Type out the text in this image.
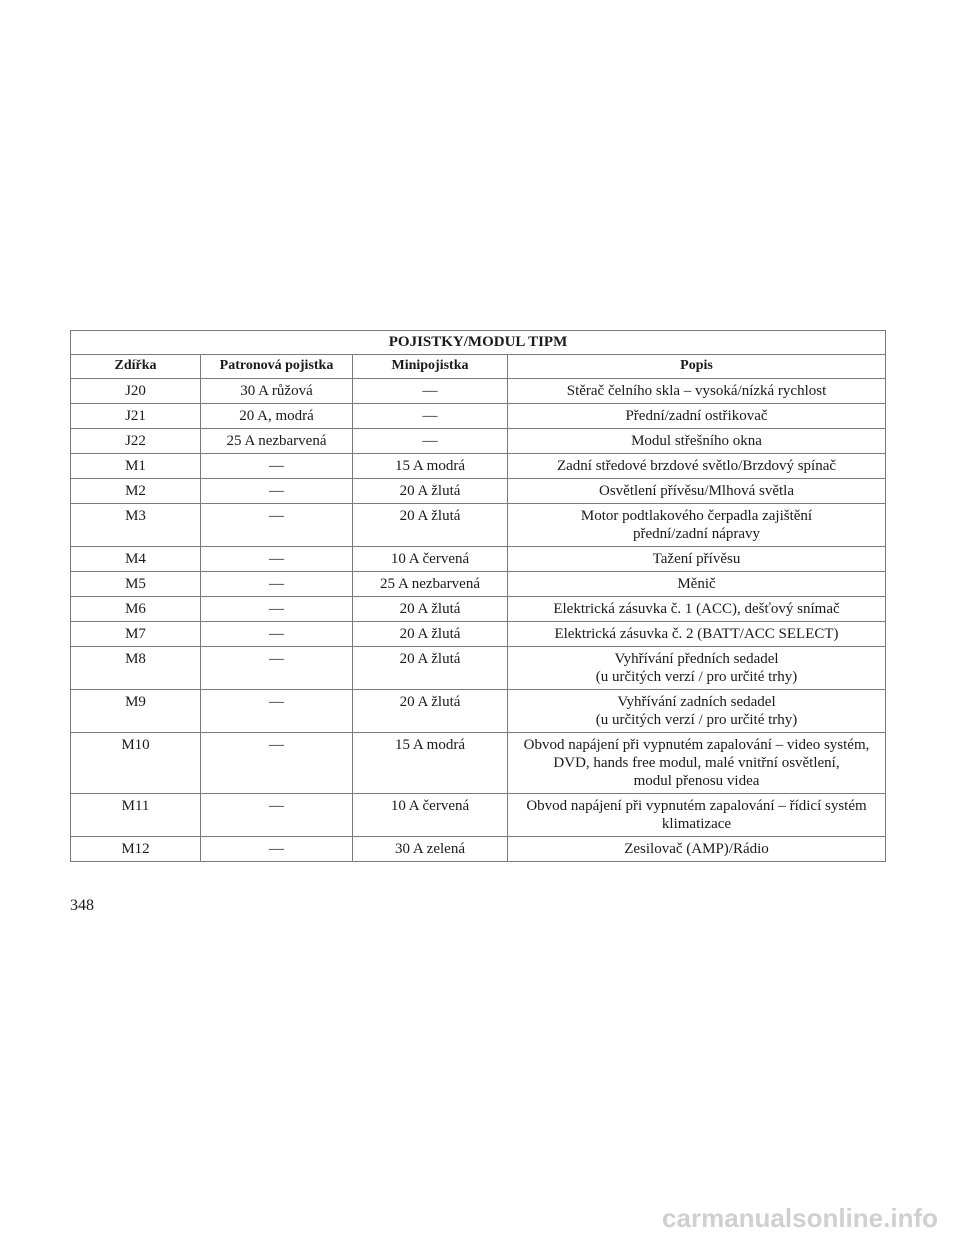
POJISTKY/MODUL TIPM			
Zdířka	Patronová pojistka	Minipojistka	Popis
J20	30 A růžová	—	Stěrač čelního skla – vysoká/nízká rychlost
J21	20 A, modrá	—	Přední/zadní ostřikovač
J22	25 A nezbarvená	—	Modul střešního okna
M1	—	15 A modrá	Zadní středové brzdové světlo/Brzdový spínač
M2	—	20 A žlutá	Osvětlení přívěsu/Mlhová světla
M3	—	20 A žlutá	Motor podtlakového čerpadla zajištění
přední/zadní nápravy
M4	—	10 A červená	Tažení přívěsu
M5	—	25 A nezbarvená	Měnič
M6	—	20 A žlutá	Elektrická zásuvka č. 1 (ACC), dešťový snímač
M7	—	20 A žlutá	Elektrická zásuvka č. 2 (BATT/ACC SELECT)
M8	—	20 A žlutá	Vyhřívání předních sedadel
(u určitých verzí / pro určité trhy)
M9	—	20 A žlutá	Vyhřívání zadních sedadel
(u určitých verzí / pro určité trhy)
M10	—	15 A modrá	Obvod napájení při vypnutém zapalování – video systém,
DVD, hands free modul, malé vnitřní osvětlení,
modul přenosu videa
M11	—	10 A červená	Obvod napájení při vypnutém zapalování – řídicí systém
klimatizace
M12	—	30 A zelená	Zesilovač (AMP)/Rádio
348
carmanualsonline.info
